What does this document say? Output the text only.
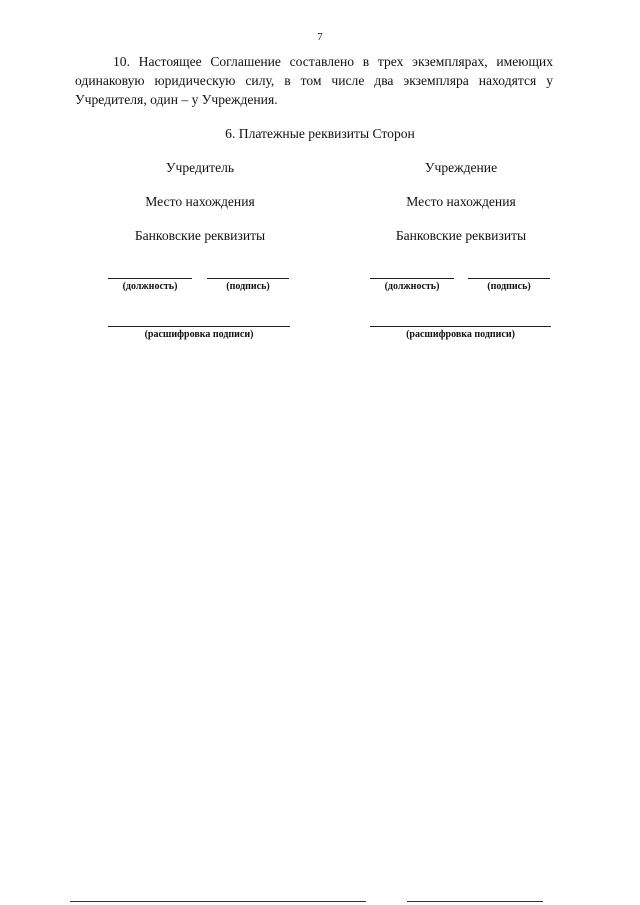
7

10. Настоящее Соглашение составлено в трех экземплярах, имеющих одинаковую юридическую силу, в том числе два экземпляра находятся у Учредителя, один – у Учреждения.

6. Платежные реквизиты Сторон
Учредитель
Место нахождения
Банковские реквизиты
Учреждение
Место нахождения
Банковские реквизиты
(должность)	(подпись)
(расшифровка подписи)
(должность)	(подпись)
(расшифровка подписи)
